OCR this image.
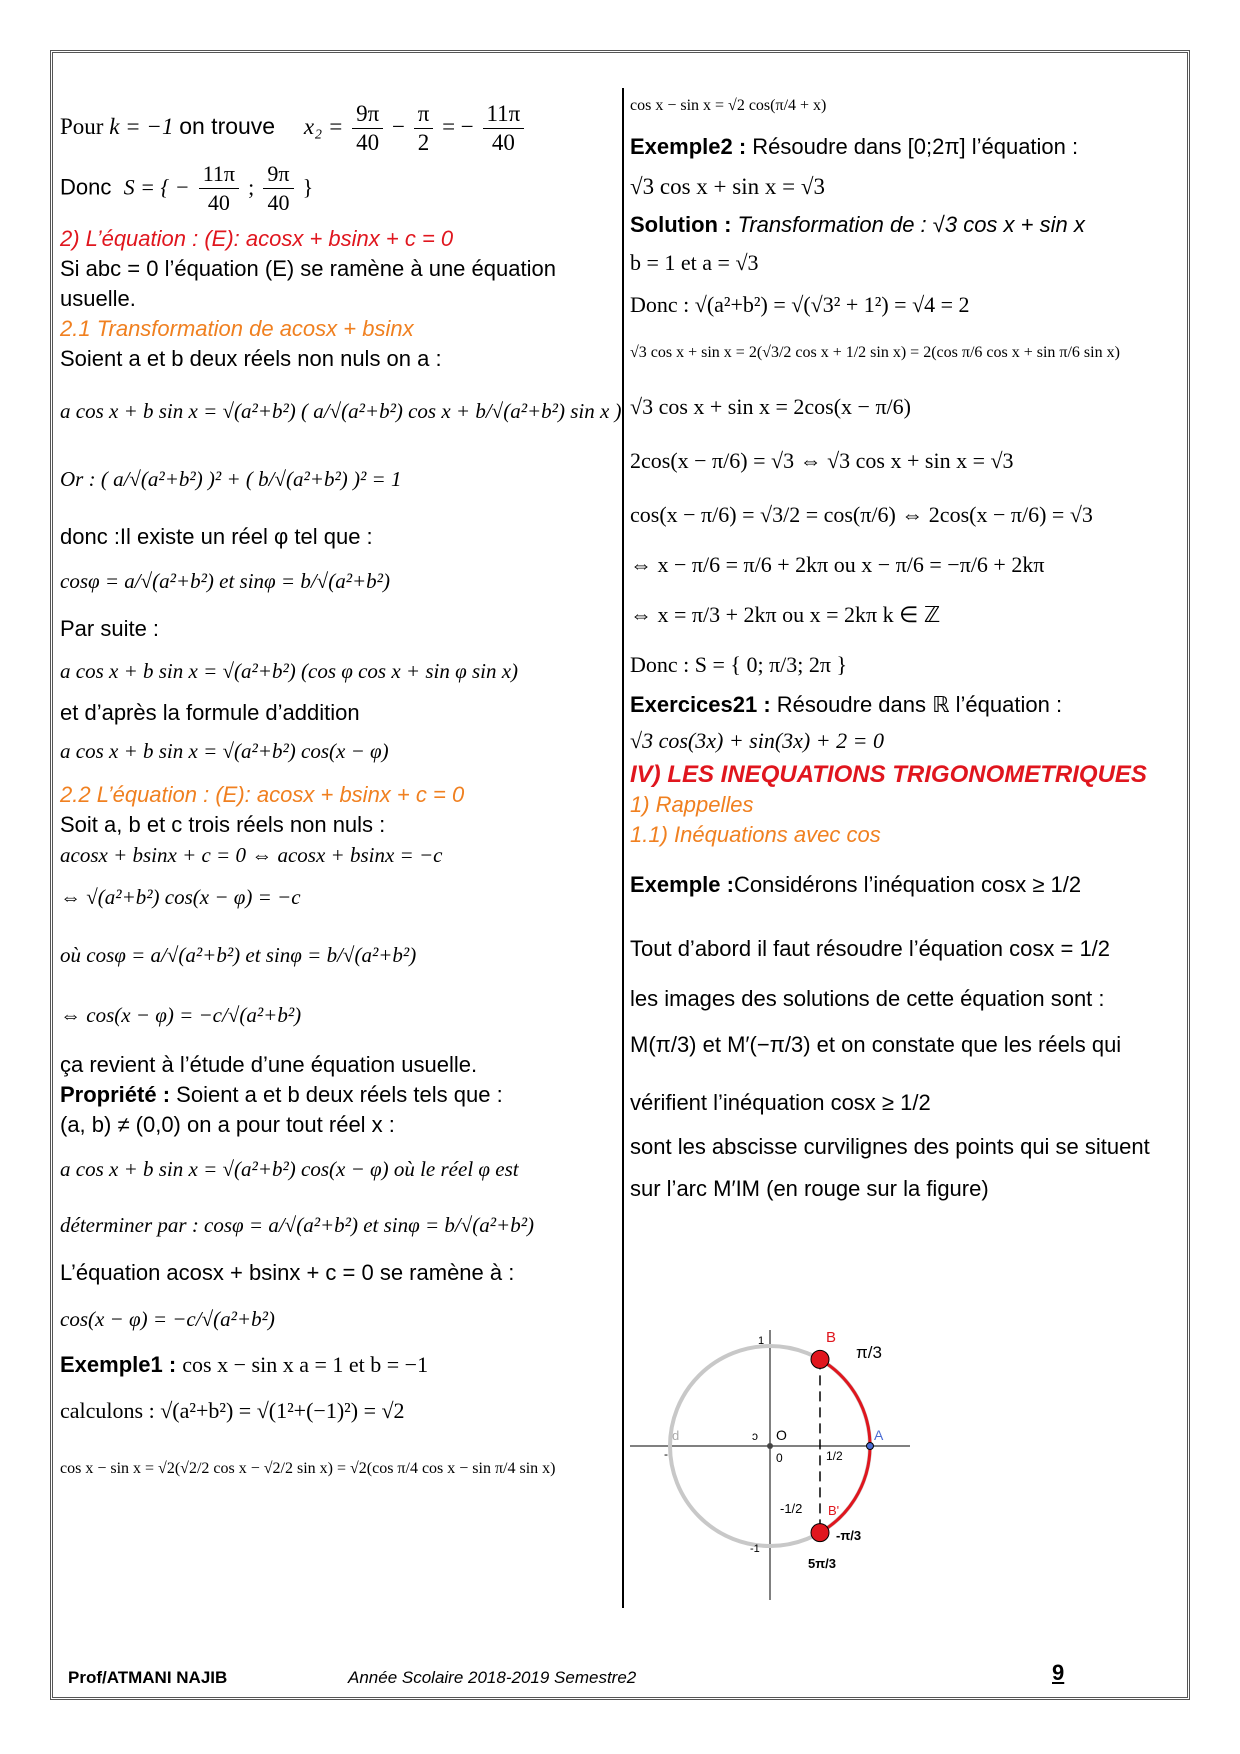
Pour k = −1 on trouve $x_2 = \frac{9\pi}{40} - \frac{\pi}{2}$ = − $\frac{11\pi}{40}$
Donc S = { − $\frac{11\pi}{40}$ ; $\frac{9\pi}{40}$ }
2) L’équation : (E): acosx + bsinx + c = 0
Si abc = 0 l’équation (E) se ramène à une équation
usuelle.
2.1 Transformation de acosx + bsinx
Soient a et b deux réels non nuls on a :
a cos x + b sin x = √(a²+b²) ( a/√(a²+b²) cos x + b/√(a²+b²) sin x )
Or : ( a/√(a²+b²) )² + ( b/√(a²+b²) )² = 1
donc :Il existe un réel φ tel que :
cosφ = a/√(a²+b²) et sinφ = b/√(a²+b²)
Par suite :
a cos x + b sin x = √(a²+b²) (cos φ cos x + sin φ sin x)
et d’après la formule d’addition
a cos x + b sin x = √(a²+b²) cos(x − φ)
2.2 L’équation : (E): acosx + bsinx + c = 0
Soit a, b et c trois réels non nuls :
acosx + bsinx + c = 0 ⇔ acosx + bsinx = −c
⇔ √(a²+b²) cos(x − φ) = −c
où cosφ = a/√(a²+b²) et sinφ = b/√(a²+b²)
⇔ cos(x − φ) = −c/√(a²+b²)
ça revient à l’étude d’une équation usuelle.
Propriété : Soient a et b deux réels tels que :
(a, b) ≠ (0,0) on a pour tout réel x :
a cos x + b sin x = √(a²+b²) cos(x − φ) où le réel φ est
déterminer par : cosφ = a/√(a²+b²) et sinφ = b/√(a²+b²)
L’équation acosx + bsinx + c = 0 se ramène à :
cos(x − φ) = −c/√(a²+b²)
Exemple1 : cos x − sin x a = 1 et b = −1
calculons : √(a²+b²) = √(1²+(−1)²) = √2
cos x − sin x = √2(√2/2 cos x − √2/2 sin x) = √2(cos π/4 cos x − sin π/4 sin x)
cos x − sin x = √2 cos(π/4 + x)
Exemple2 : Résoudre dans [0;2π] l’équation :
√3 cos x + sin x = √3
Solution : Transformation de : √3 cos x + sin x
b = 1 et a = √3
Donc : √(a²+b²) = √(√3² + 1²) = √4 = 2
√3 cos x + sin x = 2(√3/2 cos x + 1/2 sin x) = 2(cos π/6 cos x + sin π/6 sin x)
√3 cos x + sin x = 2cos(x − π/6)
2cos(x − π/6) = √3 ⇔ √3 cos x + sin x = √3
cos(x − π/6) = √3/2 = cos(π/6) ⇔ 2cos(x − π/6) = √3
⇔ x − π/6 = π/6 + 2kπ ou x − π/6 = −π/6 + 2kπ
⇔ x = π/3 + 2kπ ou x = 2kπ k ∈ ℤ
Donc : S = { 0; π/3; 2π }
Exercices21 : Résoudre dans ℝ l’équation :
√3 cos(3x) + sin(3x) + 2 = 0
IV) LES INEQUATIONS TRIGONOMETRIQUES
1) Rappelles
1.1) Inéquations avec cos
Exemple :Considérons l’inéquation cosx ≥ 1/2
Tout d’abord il faut résoudre l’équation cosx = 1/2
les images des solutions de cette équation sont :
M(π/3) et M′(−π/3) et on constate que les réels qui
vérifient l’inéquation cosx ≥ 1/2
sont les abscisse curvilignes des points qui se situent
sur l’arc M′IM (en rouge sur la figure)
B
π/3
O	A
d
0	1/2
-1/2 B'
-π/3
5π/3
ↄ
-
1
-1
Prof/ATMANI NAJIB	Année Scolaire 2018-2019 Semestre2	9
